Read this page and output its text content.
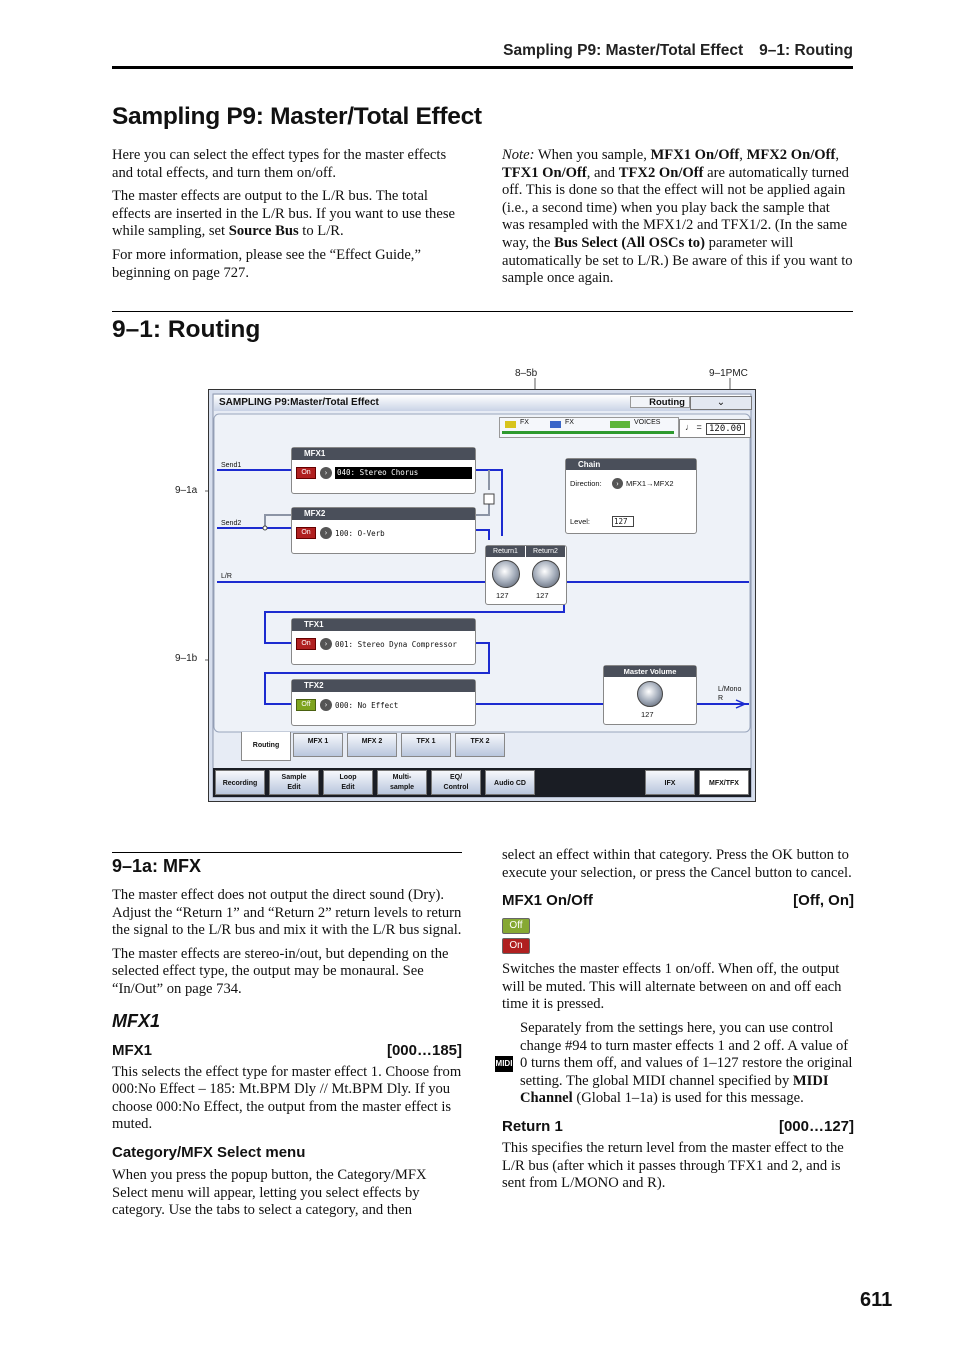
Sampling P9: Master/Total Effect 9–1: Routing
Sampling P9: Master/Total Effect

Here you can select the effect types for the master effects and total effects, and turn them on/off.

The master effects are output to the L/R bus. The total effects are inserted in the L/R bus. If you want to use these while sampling, set Source Bus to L/R.

For more information, please see the “Effect Guide,” beginning on page 727.

Note: When you sample, MFX1 On/Off, MFX2 On/Off, TFX1 On/Off, and TFX2 On/Off are automatically turned off. This is done so that the effect will not be applied again (i.e., a second time) when you play back the sample that was resampled with the MFX1/2 and TFX1/2. (In the same way, the Bus Select (All OSCs to) parameter will automatically be set to L/R.) Be aware of this if you want to sample once again.

9–1: Routing
8–5b	9–1PMC
9–1a
9–1b
SAMPLING P9:Master/Total Effect	Routing	⌄
FX	FX	VOICES	♩ = 120.00
Send1
Send2
L/R
L/Mono
R
MFX1
On	›	040: Stereo Chorus
MFX2
On	›	100: O-Verb
TFX1
On	›	001: Stereo Dyna Compressor
TFX2
Off	›	000: No Effect
Chain
Direction:	› MFX1→MFX2
Level:	127
Return1	Return2
127	127
Master Volume
127
Routing
MFX 1	MFX 2	TFX 1	TFX 2
Recording
Sample Edit
Loop Edit
Multi-sample
EQ/ Control
Audio CD	IFX	MFX/TFX
9–1a: MFX

The master effect does not output the direct sound (Dry). Adjust the “Return 1” and “Return 2” return levels to return the signal to the L/R bus and mix it with the L/R bus signal.

The master effects are stereo-in/out, but depending on the selected effect type, the output may be monaural. See “In/Out” on page 734.

MFX1
MFX1	[000…185]

This selects the effect type for master effect 1. Choose from 000:No Effect – 185: Mt.BPM Dly // Mt.BPM Dly. If you choose 000:No Effect, the output from the master effect is muted.

Category/MFX Select menu

When you press the popup button, the Category/MFX Select menu will appear, letting you select effects by category. Use the tabs to select a category, and then

select an effect within that category. Press the OK button to execute your selection, or press the Cancel button to cancel.

MFX1 On/Off	[Off, On]
Off
On

Switches the master effects 1 on/off. When off, the output will be muted. This will alternate between on and off each time it is pressed.

Separately from the settings here, you can use control change #94 to turn master effects 1 and 2 off. A value of 0 turns them off, and values of 1–127 restore the original setting. The global MIDI channel specified by MIDI Channel (Global 1–1a) is used for this message.

Return 1	[000…127]

This specifies the return level from the master effect to the L/R bus (after which it passes through TFX1 and 2, and is sent from L/MONO and R).

MIDI
611
